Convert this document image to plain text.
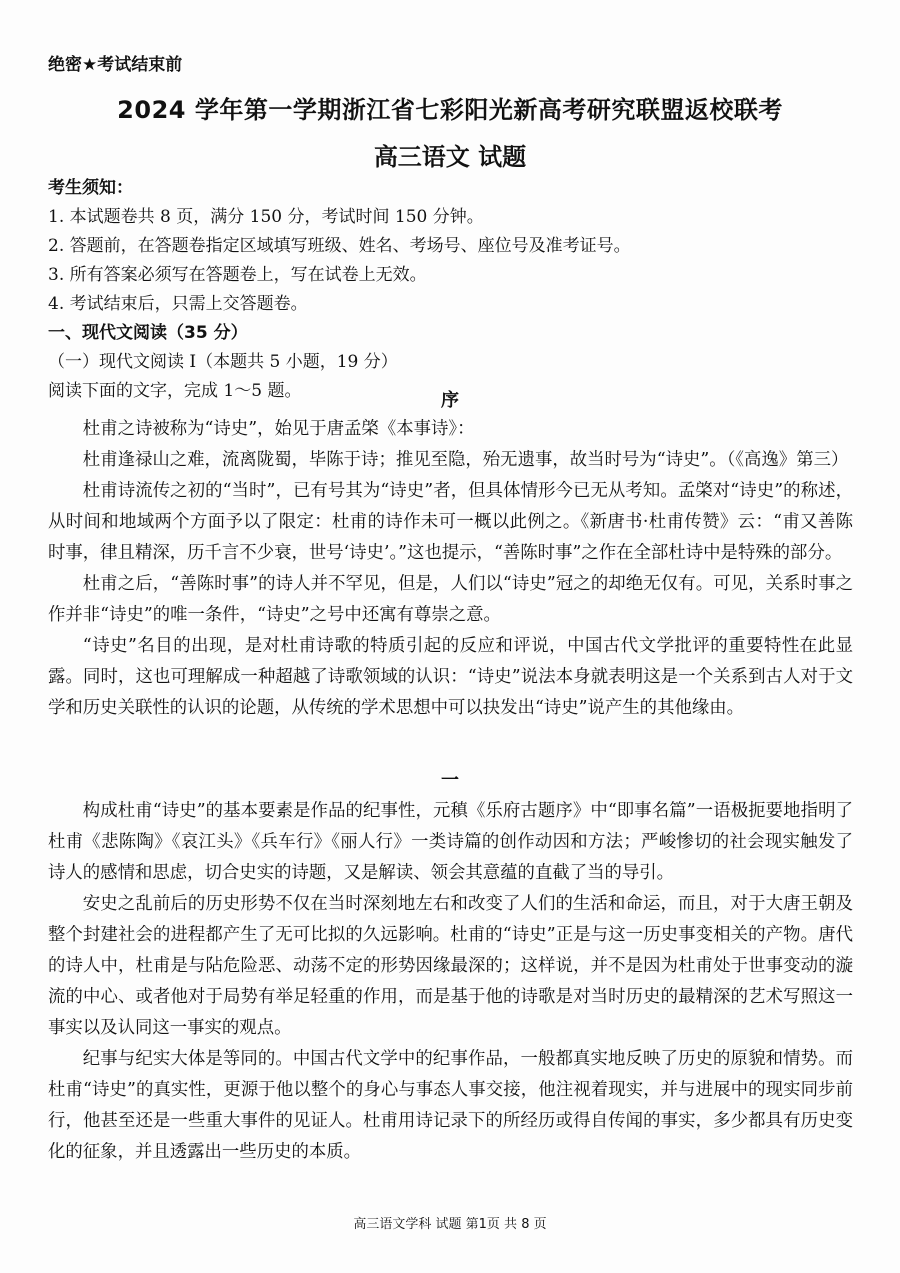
绝密★考试结束前
2024 学年第一学期浙江省七彩阳光新高考研究联盟返校联考
高三语文 试题
考生须知：
1. 本试题卷共 8 页，满分 150 分，考试时间 150 分钟。
2. 答题前，在答题卷指定区域填写班级、姓名、考场号、座位号及准考证号。
3. 所有答案必须写在答题卷上，写在试卷上无效。
4. 考试结束后，只需上交答题卷。
一、现代文阅读（35 分）
（一）现代文阅读 I（本题共 5 小题，19 分）
阅读下面的文字，完成 1～5 题。	序

杜甫之诗被称为“诗史”，始见于唐孟棨《本事诗》：

杜甫逢禄山之难，流离陇蜀，毕陈于诗；推见至隐，殆无遗事，故当时号为“诗史”。（《高逸》第三）

杜甫诗流传之初的“当时”，已有号其为“诗史”者，但具体情形今已无从考知。孟棨对“诗史”的称述，从时间和地域两个方面予以了限定：杜甫的诗作未可一概以此例之。《新唐书·杜甫传赞》云：“甫又善陈时事，律且精深，历千言不少衰，世号‘诗史’。”这也提示，“善陈时事”之作在全部杜诗中是特殊的部分。

杜甫之后，“善陈时事”的诗人并不罕见，但是，人们以“诗史”冠之的却绝无仅有。可见，关系时事之作并非“诗史”的唯一条件，“诗史”之号中还寓有尊崇之意。

“诗史”名目的出现，是对杜甫诗歌的特质引起的反应和评说，中国古代文学批评的重要特性在此显露。同时，这也可理解成一种超越了诗歌领域的认识：“诗史”说法本身就表明这是一个关系到古人对于文学和历史关联性的认识的论题，从传统的学术思想中可以抉发出“诗史”说产生的其他缘由。

一

构成杜甫“诗史”的基本要素是作品的纪事性，元稹《乐府古题序》中“即事名篇”一语极扼要地指明了杜甫《悲陈陶》《哀江头》《兵车行》《丽人行》一类诗篇的创作动因和方法；严峻惨切的社会现实触发了诗人的感情和思虑，切合史实的诗题，又是解读、领会其意蕴的直截了当的导引。

安史之乱前后的历史形势不仅在当时深刻地左右和改变了人们的生活和命运，而且，对于大唐王朝及整个封建社会的进程都产生了无可比拟的久远影响。杜甫的“诗史”正是与这一历史事变相关的产物。唐代的诗人中，杜甫是与阽危险恶、动荡不定的形势因缘最深的；这样说，并不是因为杜甫处于世事变动的漩流的中心、或者他对于局势有举足轻重的作用，而是基于他的诗歌是对当时历史的最精深的艺术写照这一事实以及认同这一事实的观点。

纪事与纪实大体是等同的。中国古代文学中的纪事作品，一般都真实地反映了历史的原貌和情势。而杜甫“诗史”的真实性，更源于他以整个的身心与事态人事交接，他注视着现实，并与进展中的现实同步前行，他甚至还是一些重大事件的见证人。杜甫用诗记录下的所经历或得自传闻的事实，多少都具有历史变化的征象，并且透露出一些历史的本质。

高三语文学科 试题 第1页 共 8 页
